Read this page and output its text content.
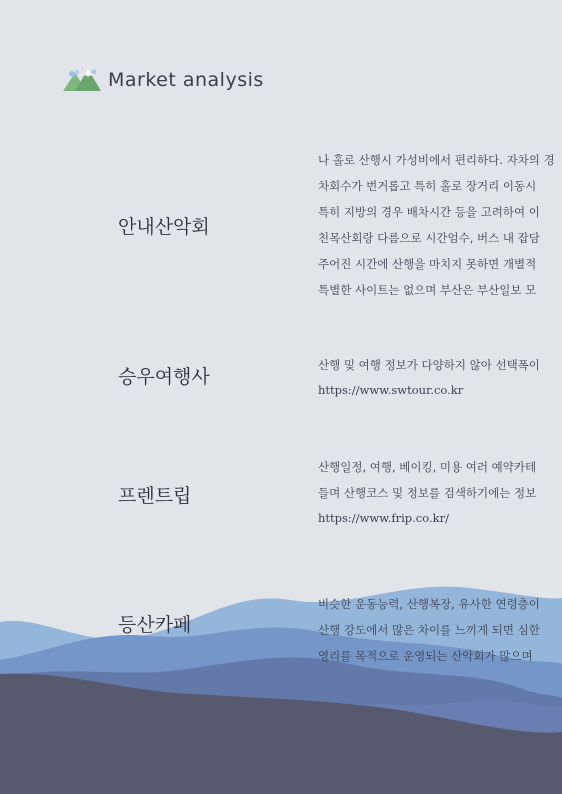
Market analysis
안내산악회
나 홀로 산행시 가성비에서 편리하다. 자차의 경
차회수가 번거롭고 특히 홀로 장거리 이동시
특히 지방의 경우 배차시간 등을 고려하여 이
친목산회랑 다름으로 시간엄수, 버스 내 잡담
주어진 시간에 산행을 마치지 못하면 개별적
특별한 사이트는 없으며 부산은 부산일보 모
승우여행사
산행 및 여행 정보가 다양하지 않아 선택폭이
https://www.swtour.co.kr
프렌트립
산행일정, 여행, 베이킹, 미용 여러 예약카테
들며 산행코스 및 정보를 검색하기에는 정보
https://www.frip.co.kr/
등산카페
비슷한 운동능력, 산행복장, 유사한 연령층이
산행 강도에서 많은 차이를 느끼게 되면 심한
영리를 목적으로 운영되는 산악회가 많으며
